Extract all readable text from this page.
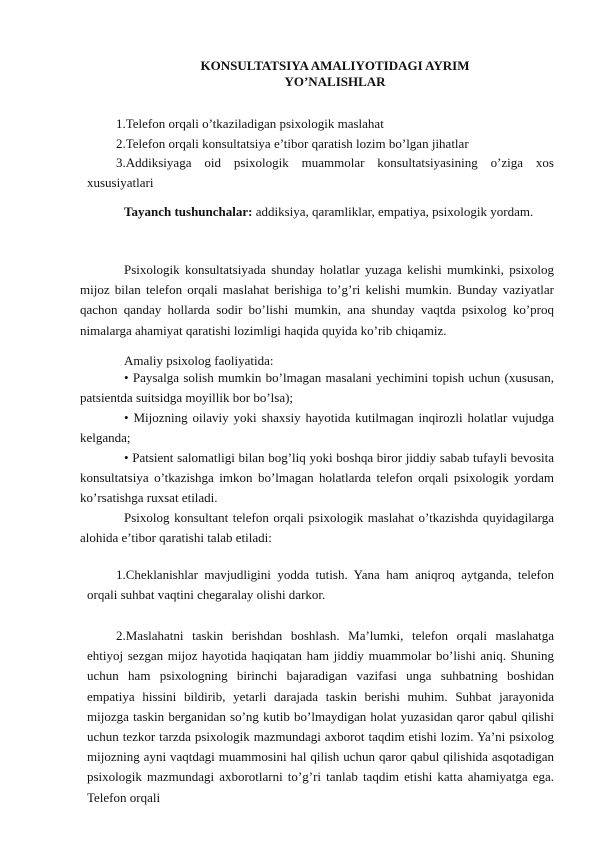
KONSULTATSIYA AMALIYOTIDAGI AYRIM
YO’NALISHLAR
1.Telefon orqali o’tkaziladigan psixologik maslahat
2.Telefon orqali konsultatsiya e’tibor qaratish lozim bo’lgan jihatlar
3.Addiksiyaga oid psixologik muammolar konsultatsiyasining o’ziga xos xususiyatlari
Tayanch tushunchalar: addiksiya, qaramliklar, empatiya, psixologik yordam.
Psixologik konsultatsiyada shunday holatlar yuzaga kelishi mumkinki, psixolog mijoz bilan telefon orqali maslahat berishiga to’g’ri kelishi mumkin. Bunday vaziyatlar qachon qanday hollarda sodir bo’lishi mumkin, ana shunday vaqtda psixolog ko’proq nimalarga ahamiyat qaratishi lozimligi haqida quyida ko’rib chiqamiz.
Amaliy psixolog faoliyatida:
• Paysalga solish mumkin bo’lmagan masalani yechimini topish uchun (xususan, patsientda suitsidga moyillik bor bo’lsa);
• Mijozning oilaviy yoki shaxsiy hayotida kutilmagan inqirozli holatlar vujudga kelganda;
• Patsient salomatligi bilan bog’liq yoki boshqa biror jiddiy sabab tufayli bevosita konsultatsiya o’tkazishga imkon bo’lmagan holatlarda telefon orqali psixologik yordam ko’rsatishga ruxsat etiladi.
Psixolog konsultant telefon orqali psixologik maslahat o’tkazishda quyidagilarga alohida e’tibor qaratishi talab etiladi:
1.Cheklanishlar mavjudligini yodda tutish. Yana ham aniqroq aytganda, telefon orqali suhbat vaqtini chegaralay olishi darkor.
2.Maslahatni taskin berishdan boshlash. Ma’lumki, telefon orqali maslahatga ehtiyoj sezgan mijoz hayotida haqiqatan ham jiddiy muammolar bo’lishi aniq. Shuning uchun ham psixologning birinchi bajaradigan vazifasi unga suhbatning boshidan empatiya hissini bildirib, yetarli darajada taskin berishi muhim. Suhbat jarayonida mijozga taskin berganidan so’ng kutib bo’lmaydigan holat yuzasidan qaror qabul qilishi uchun tezkor tarzda psixologik mazmundagi axborot taqdim etishi lozim. Ya’ni psixolog mijozning ayni vaqtdagi muammosini hal qilish uchun qaror qabul qilishida asqotadigan psixologik mazmundagi axborotlarni to’g’ri tanlab taqdim etishi katta ahamiyatga ega. Telefon orqali
